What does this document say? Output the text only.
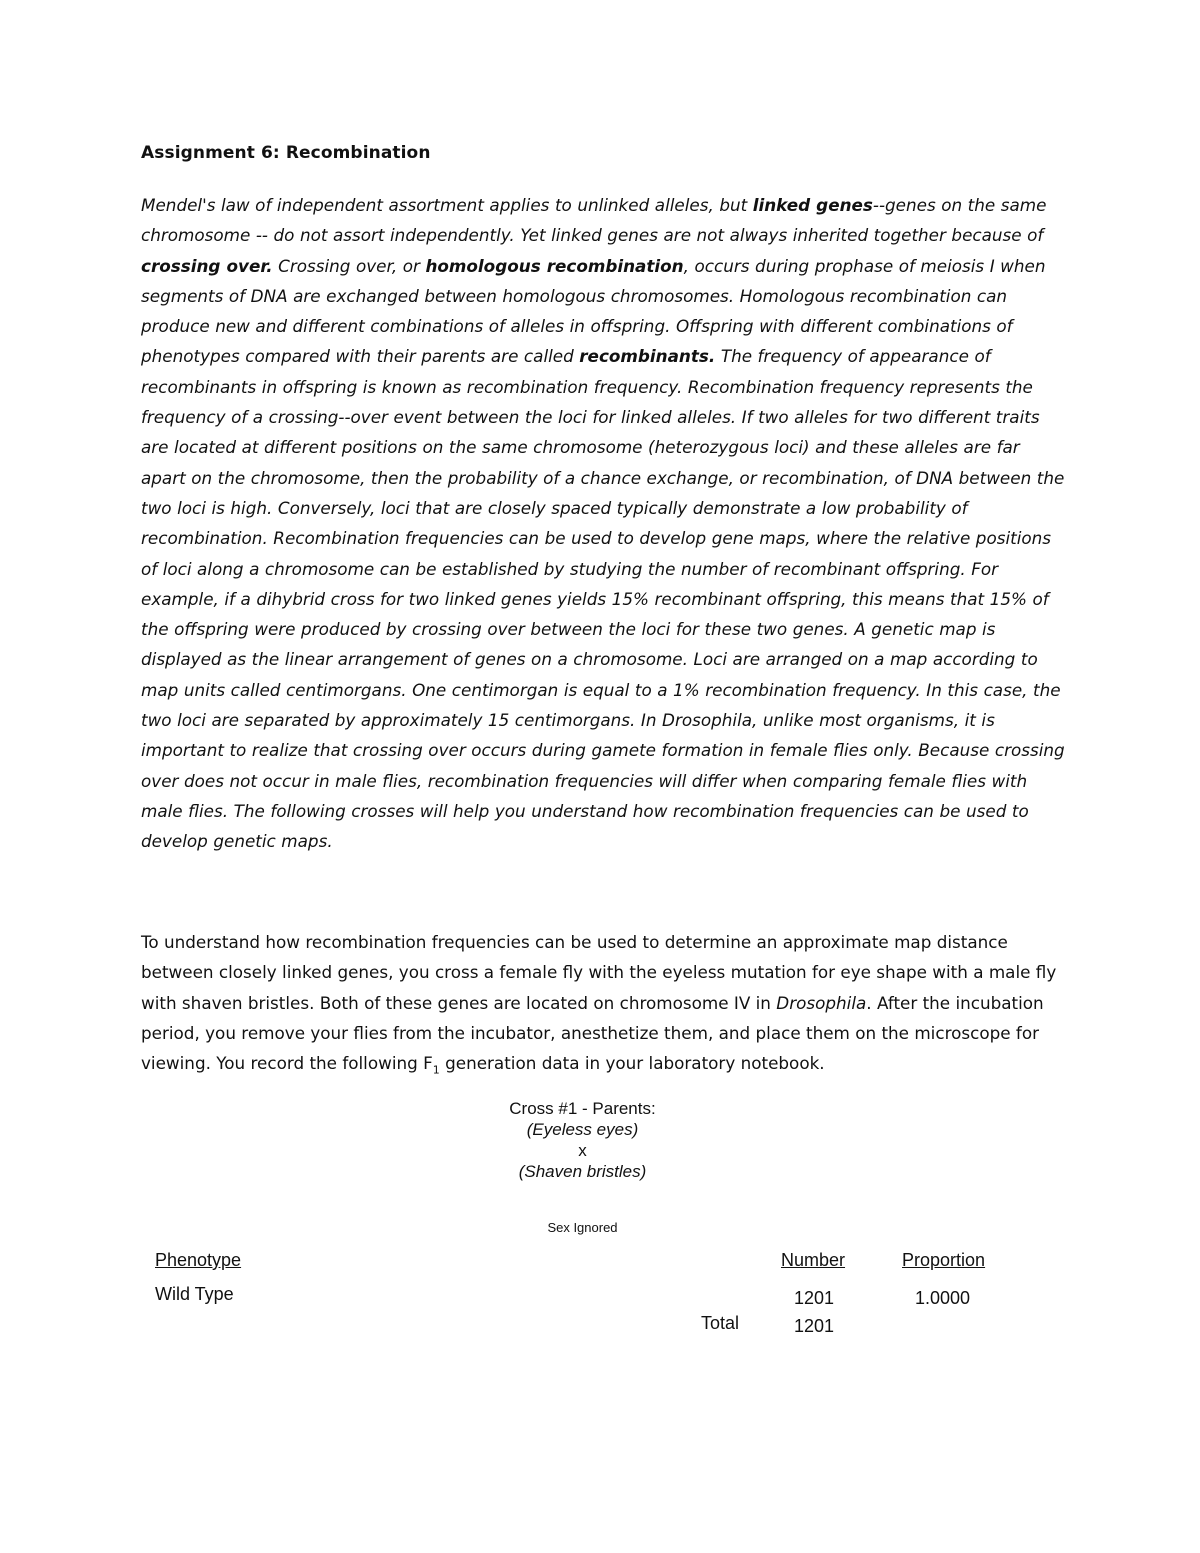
Assignment 6: Recombination
Mendel's law of independent assortment applies to unlinked alleles, but linked genes--genes on the same chromosome -- do not assort independently. Yet linked genes are not always inherited together because of crossing over. Crossing over, or homologous recombination, occurs during prophase of meiosis I when segments of DNA are exchanged between homologous chromosomes. Homologous recombination can produce new and different combinations of alleles in offspring. Offspring with different combinations of phenotypes compared with their parents are called recombinants. The frequency of appearance of recombinants in offspring is known as recombination frequency. Recombination frequency represents the frequency of a crossing--over event between the loci for linked alleles. If two alleles for two different traits are located at different positions on the same chromosome (heterozygous loci) and these alleles are far apart on the chromosome, then the probability of a chance exchange, or recombination, of DNA between the two loci is high. Conversely, loci that are closely spaced typically demonstrate a low probability of recombination. Recombination frequencies can be used to develop gene maps, where the relative positions of loci along a chromosome can be established by studying the number of recombinant offspring. For example, if a dihybrid cross for two linked genes yields 15% recombinant offspring, this means that 15% of the offspring were produced by crossing over between the loci for these two genes. A genetic map is displayed as the linear arrangement of genes on a chromosome. Loci are arranged on a map according to map units called centimorgans. One centimorgan is equal to a 1% recombination frequency. In this case, the two loci are separated by approximately 15 centimorgans. In Drosophila, unlike most organisms, it is important to realize that crossing over occurs during gamete formation in female flies only. Because crossing over does not occur in male flies, recombination frequencies will differ when comparing female flies with male flies. The following crosses will help you understand how recombination frequencies can be used to develop genetic maps.
To understand how recombination frequencies can be used to determine an approximate map distance between closely linked genes, you cross a female fly with the eyeless mutation for eye shape with a male fly with shaven bristles. Both of these genes are located on chromosome IV in Drosophila. After the incubation period, you remove your flies from the incubator, anesthetize them, and place them on the microscope for viewing. You record the following $F_1$ generation data in your laboratory notebook.
Cross #1 - Parents:
(Eyeless eyes)
x
(Shaven bristles)
Sex Ignored
Phenotype	Number	Proportion
Wild Type	1201	1.0000
Total	1201
